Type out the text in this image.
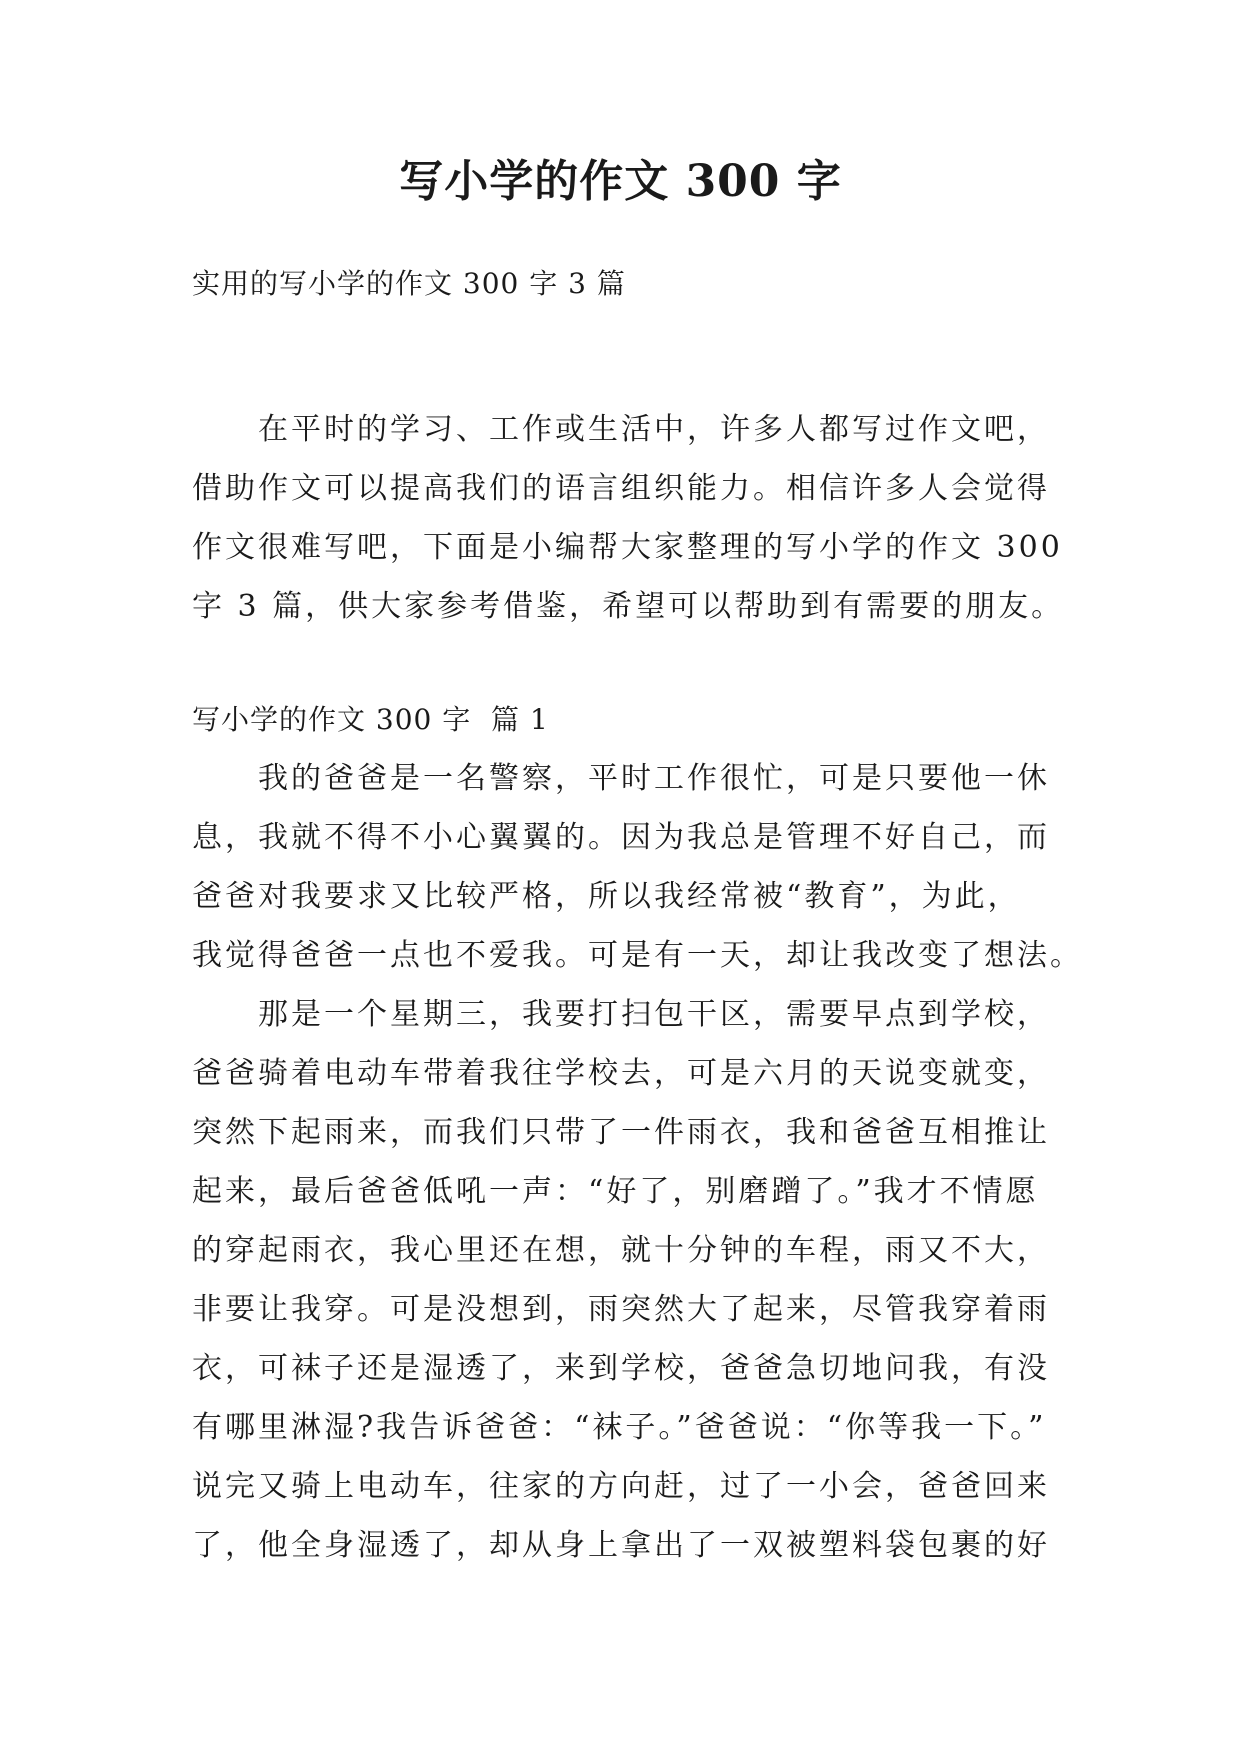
写小学的作文 300 字

实用的写小学的作文 300 字 3 篇

在平时的学习、工作或生活中，许多人都写过作文吧，

借助作文可以提高我们的语言组织能力。相信许多人会觉得

作文很难写吧，下面是小编帮大家整理的写小学的作文 300

字 3 篇，供大家参考借鉴，希望可以帮助到有需要的朋友。

写小学的作文 300 字  篇 1

我的爸爸是一名警察，平时工作很忙，可是只要他一休

息，我就不得不小心翼翼的。因为我总是管理不好自己，而

爸爸对我要求又比较严格，所以我经常被“教育”，为此，

我觉得爸爸一点也不爱我。可是有一天，却让我改变了想法。

那是一个星期三，我要打扫包干区，需要早点到学校，

爸爸骑着电动车带着我往学校去，可是六月的天说变就变，

突然下起雨来，而我们只带了一件雨衣，我和爸爸互相推让

起来，最后爸爸低吼一声：“好了，别磨蹭了。”我才不情愿

的穿起雨衣，我心里还在想，就十分钟的车程，雨又不大，

非要让我穿。可是没想到，雨突然大了起来，尽管我穿着雨

衣，可袜子还是湿透了，来到学校，爸爸急切地问我，有没

有哪里淋湿?我告诉爸爸：“袜子。”爸爸说：“你等我一下。”

说完又骑上电动车，往家的方向赶，过了一小会，爸爸回来

了，他全身湿透了，却从身上拿出了一双被塑料袋包裹的好
